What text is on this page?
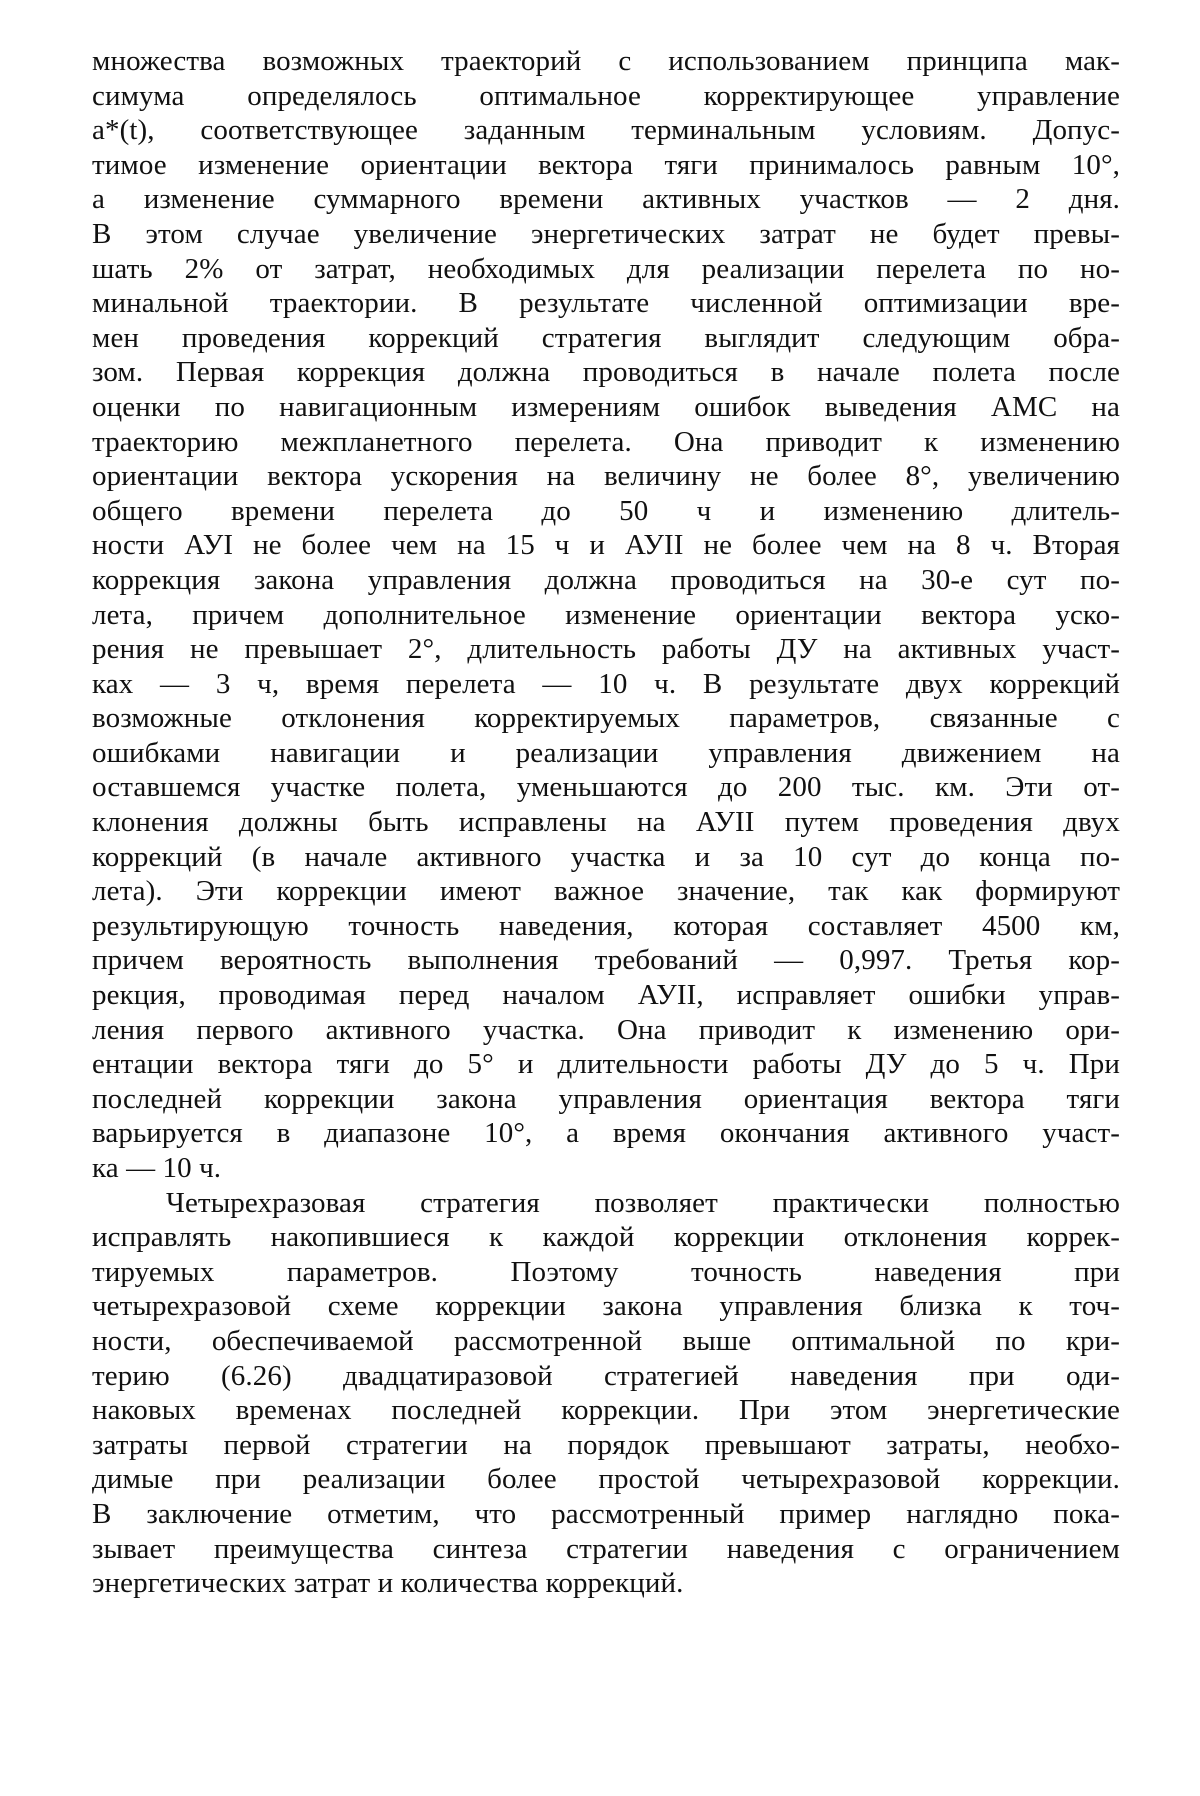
множества возможных траекторий с использованием принципа мак-
симума определялось оптимальное корректирующее управление
a*(t), соответствующее заданным терминальным условиям. Допус-
тимое изменение ориентации вектора тяги принималось равным 10°,
а изменение суммарного времени активных участков — 2 дня.
В этом случае увеличение энергетических затрат не будет превы-
шать 2% от затрат, необходимых для реализации перелета по но-
минальной траектории. В результате численной оптимизации вре-
мен проведения коррекций стратегия выглядит следующим обра-
зом. Первая коррекция должна проводиться в начале полета после
оценки по навигационным измерениям ошибок выведения АМС на
траекторию межпланетного перелета. Она приводит к изменению
ориентации вектора ускорения на величину не более 8°, увеличению
общего времени перелета до 50 ч и изменению длитель-
ности АУI не более чем на 15 ч и АУII не более чем на 8 ч. Вторая
коррекция закона управления должна проводиться на 30-е сут по-
лета, причем дополнительное изменение ориентации вектора уско-
рения не превышает 2°, длительность работы ДУ на активных участ-
ках — 3 ч, время перелета — 10 ч. В результате двух коррекций
возможные отклонения корректируемых параметров, связанные с
ошибками навигации и реализации управления движением на
оставшемся участке полета, уменьшаются до 200 тыс. км. Эти от-
клонения должны быть исправлены на АУII путем проведения двух
коррекций (в начале активного участка и за 10 сут до конца по-
лета). Эти коррекции имеют важное значение, так как формируют
результирующую точность наведения, которая составляет 4500 км,
причем вероятность выполнения требований — 0,997. Третья кор-
рекция, проводимая перед началом АУII, исправляет ошибки управ-
ления первого активного участка. Она приводит к изменению ори-
ентации вектора тяги до 5° и длительности работы ДУ до 5 ч. При
последней коррекции закона управления ориентация вектора тяги
варьируется в диапазоне 10°, а время окончания активного участ-
ка — 10 ч.
Четырехразовая стратегия позволяет практически полностью
исправлять накопившиеся к каждой коррекции отклонения коррек-
тируемых параметров. Поэтому точность наведения при
четырехразовой схеме коррекции закона управления близка к точ-
ности, обеспечиваемой рассмотренной выше оптимальной по кри-
терию (6.26) двадцатиразовой стратегией наведения при оди-
наковых временах последней коррекции. При этом энергетические
затраты первой стратегии на порядок превышают затраты, необхо-
димые при реализации более простой четырехразовой коррекции.
В заключение отметим, что рассмотренный пример наглядно пока-
зывает преимущества синтеза стратегии наведения с ограничением
энергетических затрат и количества коррекций.
